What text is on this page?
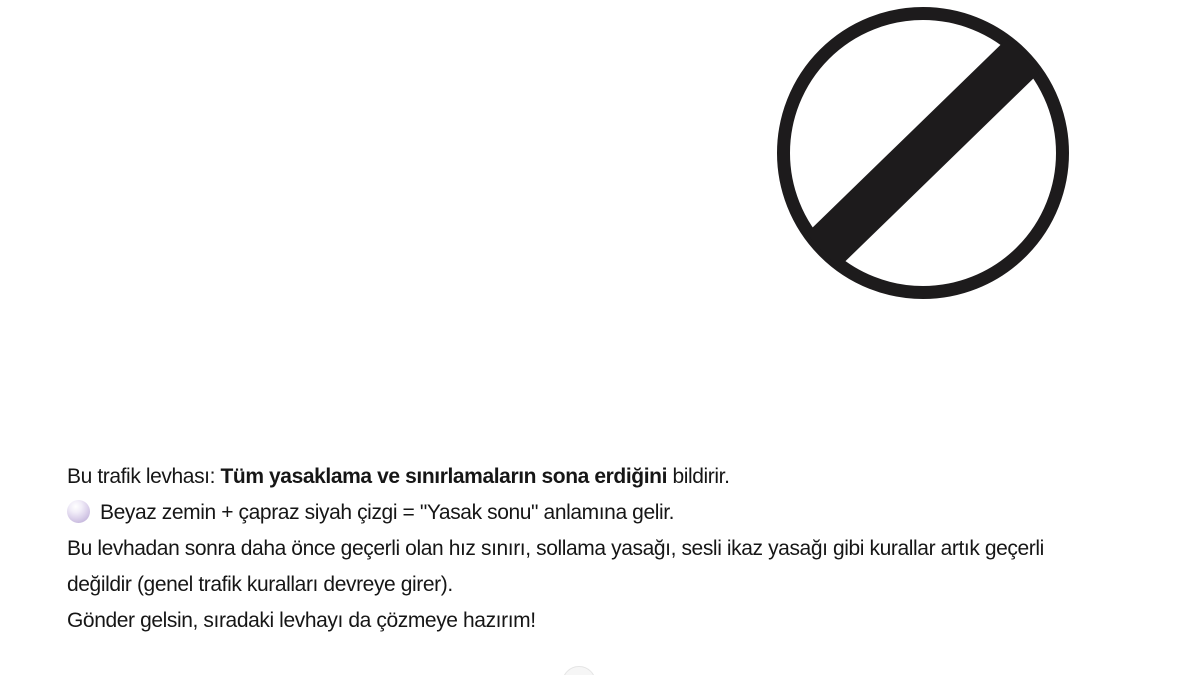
Bu trafik levhası: Tüm yasaklama ve sınırlamaların sona erdiğini bildirir.

Beyaz zemin + çapraz siyah çizgi = "Yasak sonu" anlamına gelir.

Bu levhadan sonra daha önce geçerli olan hız sınırı, sollama yasağı, sesli ikaz yasağı gibi kurallar artık geçerli
değildir (genel trafik kuralları devreye girer).

Gönder gelsin, sıradaki levhayı da çözmeye hazırım!
